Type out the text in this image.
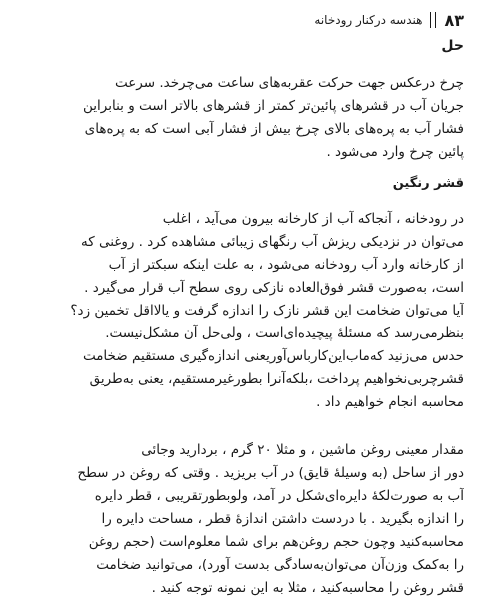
۸۳
هندسه درکنار رودخانه
حل

چرخ درعکس جهت حرکت عقربه‌های ساعت می‌چرخد. سرعت
جریان آب در قشرهای پائین‌تر کمتر از قشرهای بالاتر است و بنابراین
فشار آب به پره‌های بالای چرخ بیش از فشار آبی است که به پره‌های
پائین چرخ وارد می‌شود .

قشر رنگین

در رودخانه ، آنجاکه آب از کارخانه بیرون می‌آید ، اغلب
می‌توان در نزدیکی ریزش آب رنگهای زیبائی مشاهده کرد . روغنی که
از کارخانه وارد آب رودخانه می‌شود ، به علت اینکه سبکتر از آب
است، به‌صورت قشر فوق‌العاده نازکی روی سطح آب قرار می‌گیرد .
آیا می‌توان ضخامت این قشر نازک را اندازه گرفت و یالااقل تخمین زد؟

بنظرمی‌رسد که مسئلهٔ پیچیده‌ای‌است ، ولی‌حل آن مشکل‌نیست.
حدس می‌زنید که‌ما‌ب‌این‌کار‌باس‌آور‌یعنی اندازه‌گیری مستقیم ضخامت
قشرچربی‌نخواهیم پرداخت ،بلکه‌آنرا بطور‌غیر‌مستقیم، یعنی به‌طریق
محاسبه انجام خواهیم داد .

مقدار معینی روغن ماشین ، و مثلا ۲۰ گرم ، بردارید وجائی
دور از ساحل (به وسیلهٔ قایق) در آب بریزید . وقتی که روغن در سطح
آب به صورت‌لکهٔ دایره‌ای‌شکل در آمد، و‌لوبطور‌تقریبی ، قطر دایره
را اندازه بگیرید . با دردست داشتن اندازهٔ قطر ، مساحت دایره را
محاسبه‌کنید وچون حجم روغن‌هم برای شما معلوم‌است (حجم روغن
را به‌کمک وزن‌آن می‌توان‌به‌سادگی بدست آورد)، می‌توانید ضخامت
قشر روغن را محاسبه‌کنید ، مثلا به این نمونه توجه کنید .
